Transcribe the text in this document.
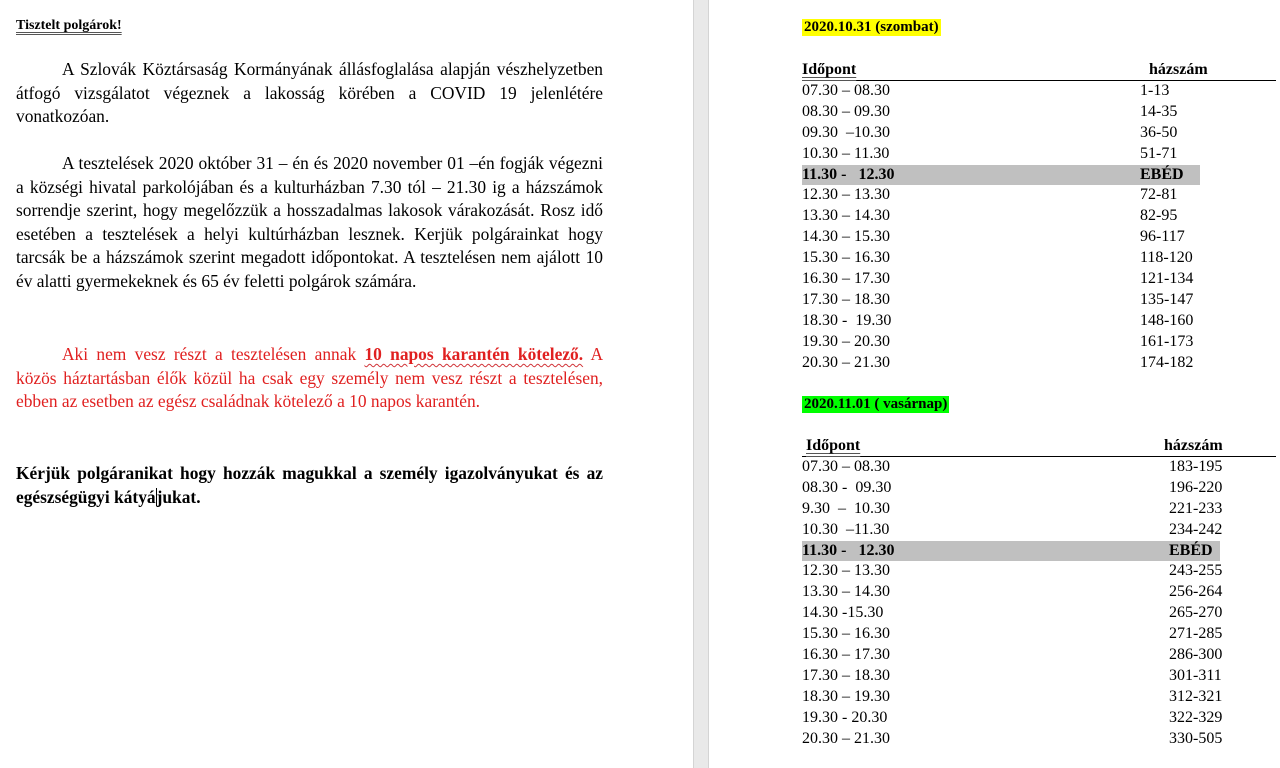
Tisztelt polgárok!

A Szlovák Köztársaság Kormányának állásfoglalása alapján vészhelyzetben átfogó vizsgálatot végeznek a lakosság körében a COVID 19 jelenlétére vonatkozóan.

A tesztelések 2020 október 31 – én és 2020 november 01 –én fogják végezni a községi hivatal parkolójában és a kulturházban 7.30 tól – 21.30 ig a házszámok sorrendje szerint, hogy megelőzzük a hosszadalmas lakosok várakozását. Rosz idő esetében a tesztelések a helyi kultúrházban lesznek. Kerjük polgárainkat hogy tarcsák be a házszámok szerint megadott időpontokat. A tesztelésen nem ajálott 10 év alatti gyermekeknek és 65 év feletti polgárok számára.

Aki nem vesz részt a tesztelésen annak 10 napos karantén kötelező. A közös háztartásban élők közül ha csak egy személy nem vesz részt a tesztelésen, ebben az esetben az egész családnak kötelező a 10 napos karantén.

Kérjük polgáranikat hogy hozzák magukkal a személy igazolványukat és az egészségügyi kátyájukat.

2020.10.31 (szombat)
Időpont	házszám
07.30 – 08.30	1-13
08.30 – 09.30	14-35
09.30  –10.30	36-50
10.30 – 11.30	51-71
11.30 -   12.30	EBÉD
12.30 – 13.30	72-81
13.30 – 14.30	82-95
14.30 – 15.30	96-117
15.30 – 16.30	118-120
16.30 – 17.30	121-134
17.30 – 18.30	135-147
18.30 -  19.30	148-160
19.30 – 20.30	161-173
20.30 – 21.30	174-182
2020.11.01 ( vasárnap)
Időpont	házszám
07.30 – 08.30	183-195
08.30 -  09.30	196-220
9.30  –  10.30	221-233
10.30  –11.30	234-242
11.30 -   12.30	EBÉD
12.30 – 13.30	243-255
13.30 – 14.30	256-264
14.30 -15.30	265-270
15.30 – 16.30	271-285
16.30 – 17.30	286-300
17.30 – 18.30	301-311
18.30 – 19.30	312-321
19.30 - 20.30	322-329
20.30 – 21.30	330-505
